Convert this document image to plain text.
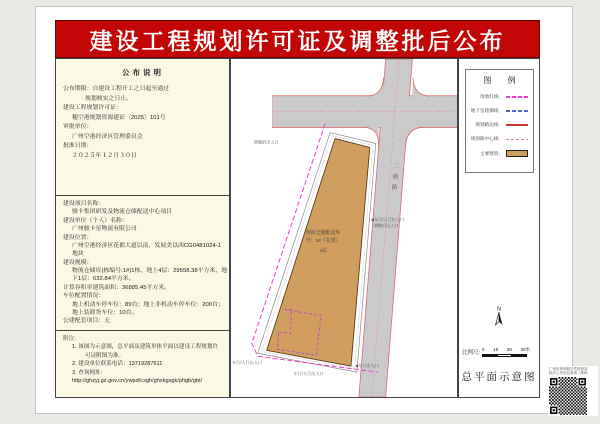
建设工程规划许可证及调整批后公布
公布说明
公布期限：自建设工程开工之日起至通过
规划核实之日止。
建设工程规划许可证：
穗空港规划资源建证〔2025〕101号
审批单位：
广州空港经济区管理委员会
批准日期：
２０２５年１２月３０日
建设项目名称：
骏卡集团研发及物流仓储配送中心项目
建设单位（个人）名称：
广州骏卡星物流有限公司
建设位置：
广州空港经济区花都大道以南，发展美以西CG0481024-1
地块
建设规模：
物流仓储库(栋编号:1#)1栋，地上4层：29558.38平方米，地
下1层：632.84平方米。
计算容积率建筑面积：36885.45平方米。
车位配置情况：
地上机动车停车位：89台；地上非机动车停车位：200台；
地上装卸货车位：10台。
公建配套项目：无
附注：
1. 该图为示意图，总平面及建筑单体平面以建设工程规划许
可证附图为准。
2. 建设单位联系电话：13719287611
3. 查询网址：
http://ghzyj.gz.gov.cn/ywpd/cxgh/ghxkgsgk/phgb/gbt/
物流仓储配送库
号：1#（在建）
4层
二
横
路
调整前出入口
◀车行/人行出入口
调整后出入口
车行/人行出入口
车行/人行出入口
◀车行出入口
图 例
用地红线：
地下室轮廓线：
规划路边线：
规划路中心线：
主要建筑：
N
比例尺:
0 10 20 30米
总平面示意图
广州市规划和自然资源局
批后公布信息查询二维码
